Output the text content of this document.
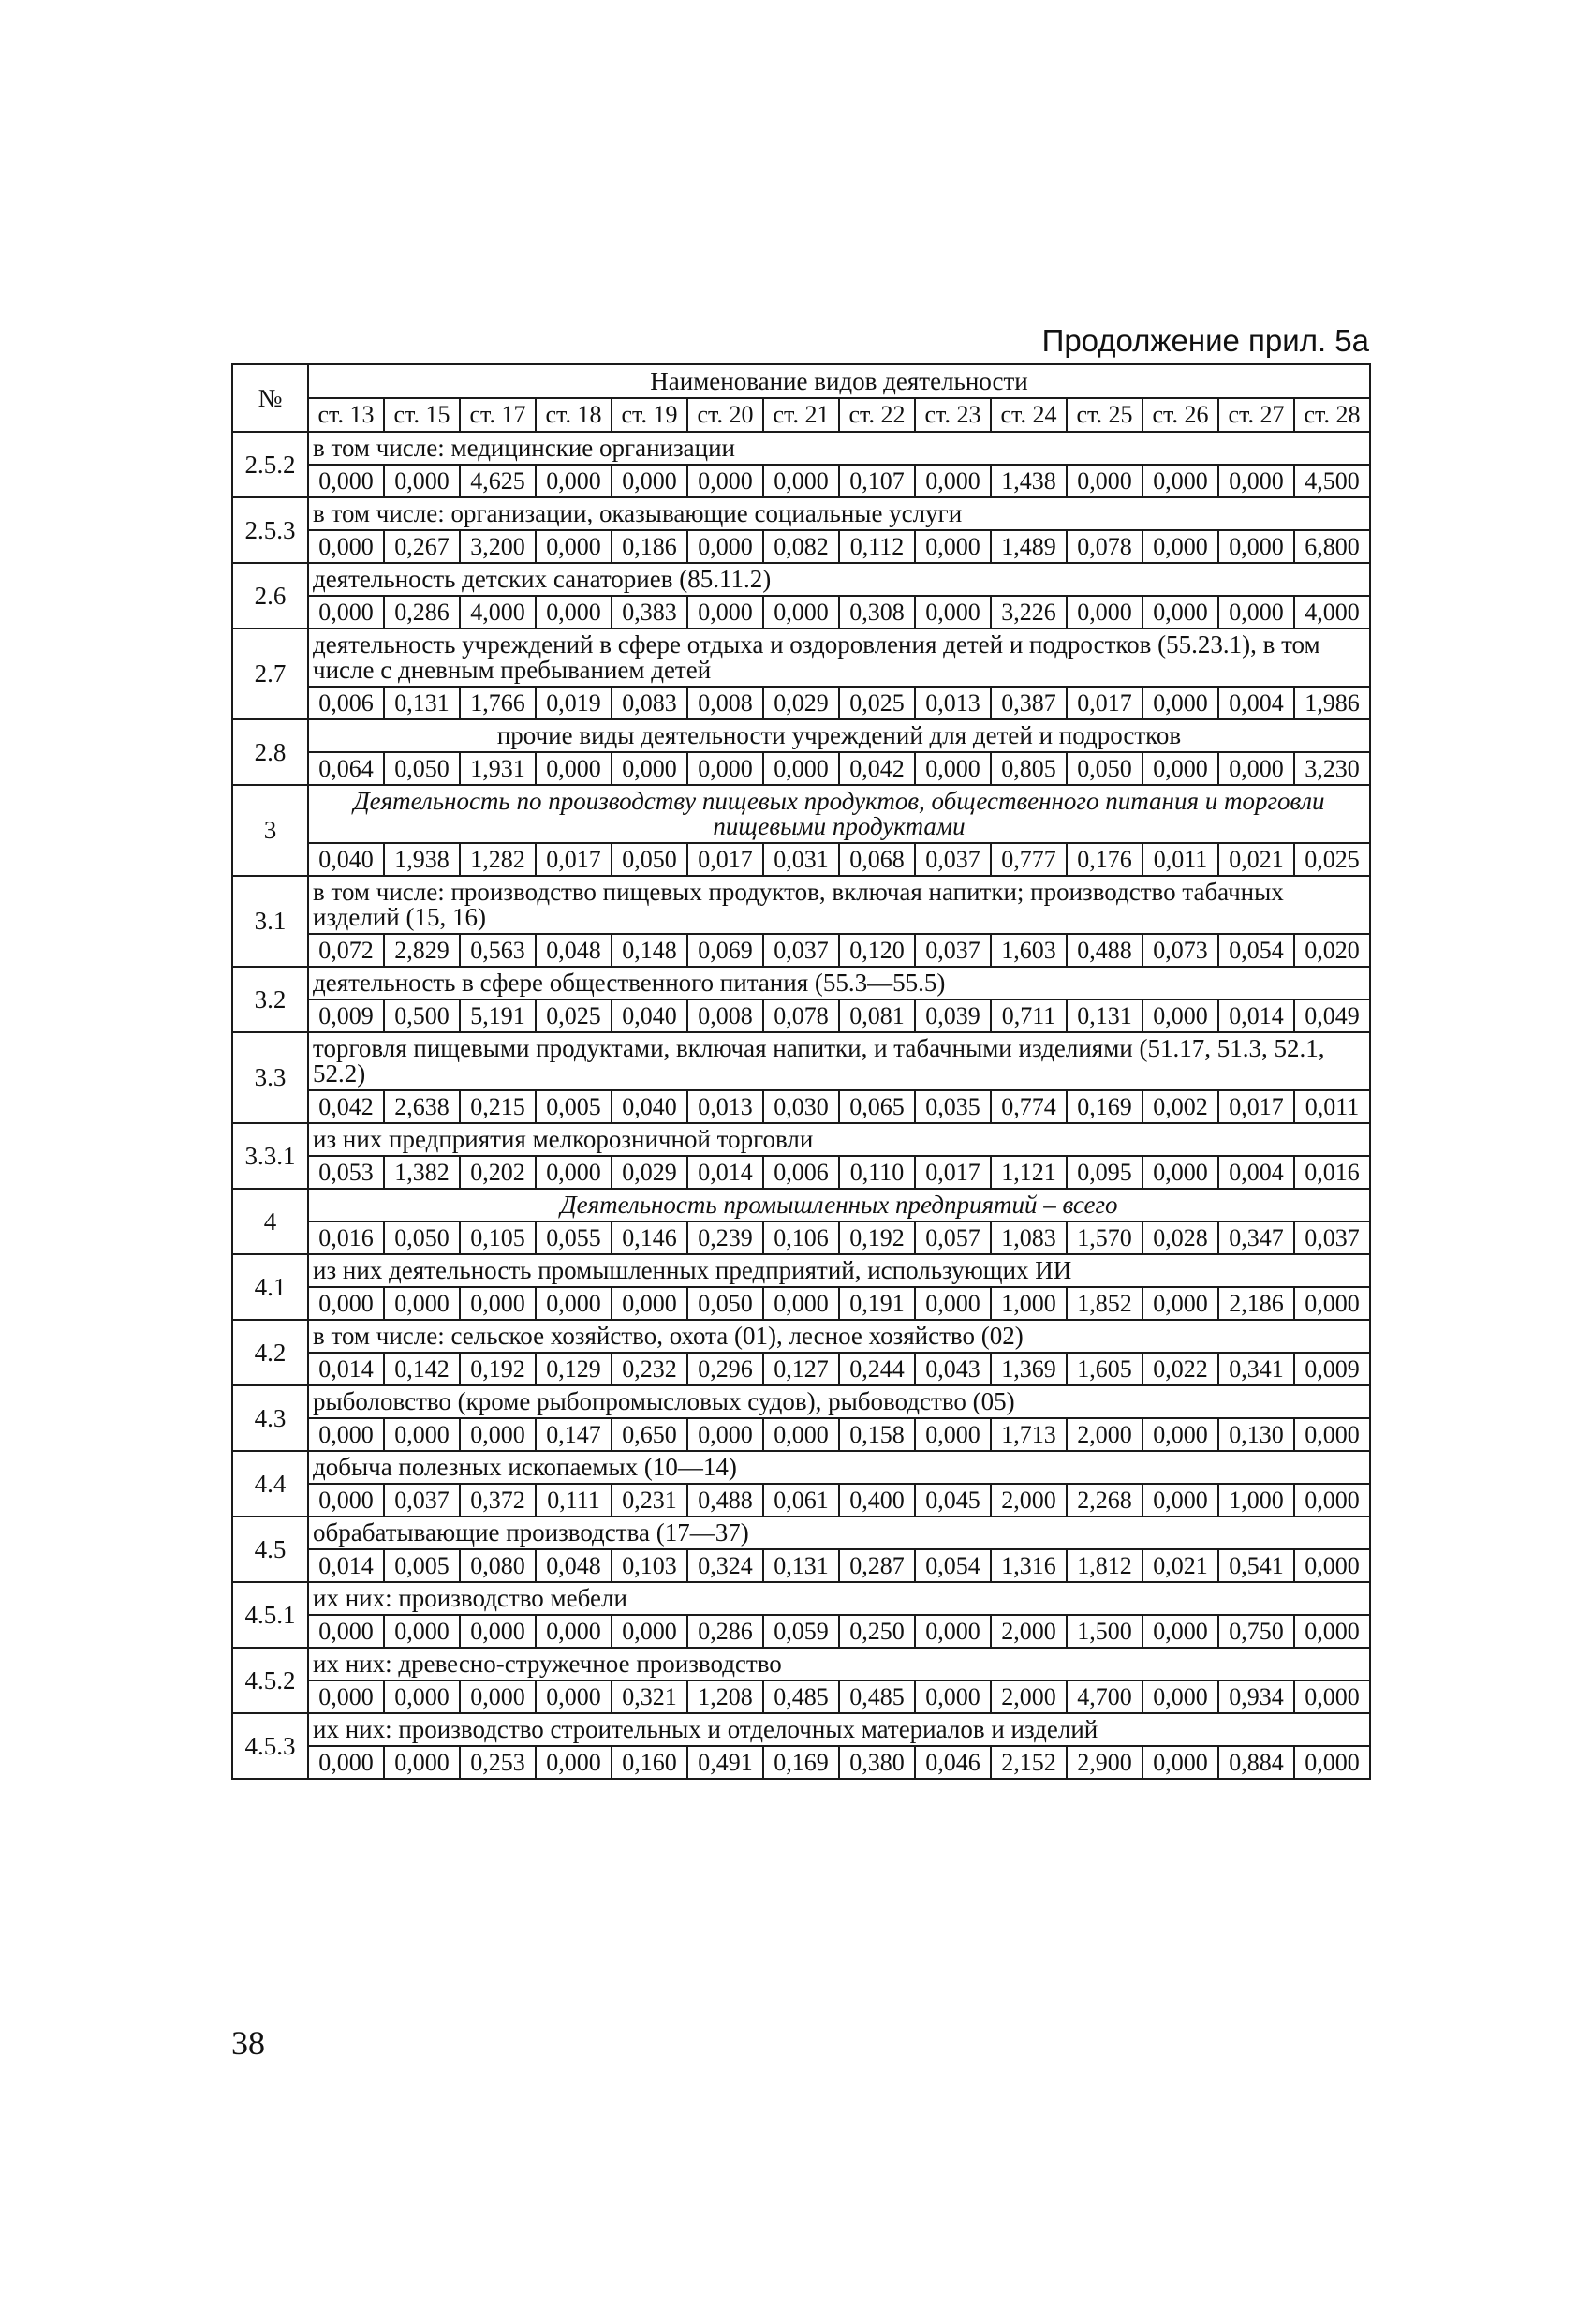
Продолжение прил. 5а
№	Наименование видов деятельности													
	ст. 13	ст. 15	ст. 17	ст. 18	ст. 19	ст. 20	ст. 21	ст. 22	ст. 23	ст. 24	ст. 25	ст. 26	ст. 27	ст. 28
2.5.2	в том числе: медицинские организации													
	0,000	0,000	4,625	0,000	0,000	0,000	0,000	0,107	0,000	1,438	0,000	0,000	0,000	4,500
2.5.3	в том числе: организации, оказывающие социальные услуги													
	0,000	0,267	3,200	0,000	0,186	0,000	0,082	0,112	0,000	1,489	0,078	0,000	0,000	6,800
2.6	деятельность детских санаториев (85.11.2)													
	0,000	0,286	4,000	0,000	0,383	0,000	0,000	0,308	0,000	3,226	0,000	0,000	0,000	4,000
2.7	деятельность учреждений в сфере отдыха и оздоровления детей и подростков (55.23.1), в том числе с дневным пребыванием детей													
	0,006	0,131	1,766	0,019	0,083	0,008	0,029	0,025	0,013	0,387	0,017	0,000	0,004	1,986
2.8	прочие виды деятельности учреждений для детей и подростков													
	0,064	0,050	1,931	0,000	0,000	0,000	0,000	0,042	0,000	0,805	0,050	0,000	0,000	3,230
3	Деятельность по производству пищевых продуктов, общественного питания и торговли пищевыми продуктами													
	0,040	1,938	1,282	0,017	0,050	0,017	0,031	0,068	0,037	0,777	0,176	0,011	0,021	0,025
3.1	в том числе: производство пищевых продуктов, включая напитки; производство табачных изделий (15, 16)													
	0,072	2,829	0,563	0,048	0,148	0,069	0,037	0,120	0,037	1,603	0,488	0,073	0,054	0,020
3.2	деятельность в сфере общественного питания (55.3—55.5)													
	0,009	0,500	5,191	0,025	0,040	0,008	0,078	0,081	0,039	0,711	0,131	0,000	0,014	0,049
3.3	торговля пищевыми продуктами, включая напитки, и табачными изделиями (51.17, 51.3, 52.1, 52.2)													
	0,042	2,638	0,215	0,005	0,040	0,013	0,030	0,065	0,035	0,774	0,169	0,002	0,017	0,011
3.3.1	из них предприятия мелкорозничной торговли													
	0,053	1,382	0,202	0,000	0,029	0,014	0,006	0,110	0,017	1,121	0,095	0,000	0,004	0,016
4	Деятельность промышленных предприятий – всего													
	0,016	0,050	0,105	0,055	0,146	0,239	0,106	0,192	0,057	1,083	1,570	0,028	0,347	0,037
4.1	из них деятельность промышленных предприятий, использующих ИИ													
	0,000	0,000	0,000	0,000	0,000	0,050	0,000	0,191	0,000	1,000	1,852	0,000	2,186	0,000
4.2	в том числе: сельское хозяйство, охота (01), лесное хозяйство (02)													
	0,014	0,142	0,192	0,129	0,232	0,296	0,127	0,244	0,043	1,369	1,605	0,022	0,341	0,009
4.3	рыболовство (кроме рыбопромысловых судов), рыбоводство (05)													
	0,000	0,000	0,000	0,147	0,650	0,000	0,000	0,158	0,000	1,713	2,000	0,000	0,130	0,000
4.4	добыча полезных ископаемых (10—14)													
	0,000	0,037	0,372	0,111	0,231	0,488	0,061	0,400	0,045	2,000	2,268	0,000	1,000	0,000
4.5	обрабатывающие производства (17—37)													
	0,014	0,005	0,080	0,048	0,103	0,324	0,131	0,287	0,054	1,316	1,812	0,021	0,541	0,000
4.5.1	их них: производство мебели													
	0,000	0,000	0,000	0,000	0,000	0,286	0,059	0,250	0,000	2,000	1,500	0,000	0,750	0,000
4.5.2	их них: древесно-стружечное производство													
	0,000	0,000	0,000	0,000	0,321	1,208	0,485	0,485	0,000	2,000	4,700	0,000	0,934	0,000
4.5.3	их них: производство строительных и отделочных материалов и изделий													
	0,000	0,000	0,253	0,000	0,160	0,491	0,169	0,380	0,046	2,152	2,900	0,000	0,884	0,000
38
